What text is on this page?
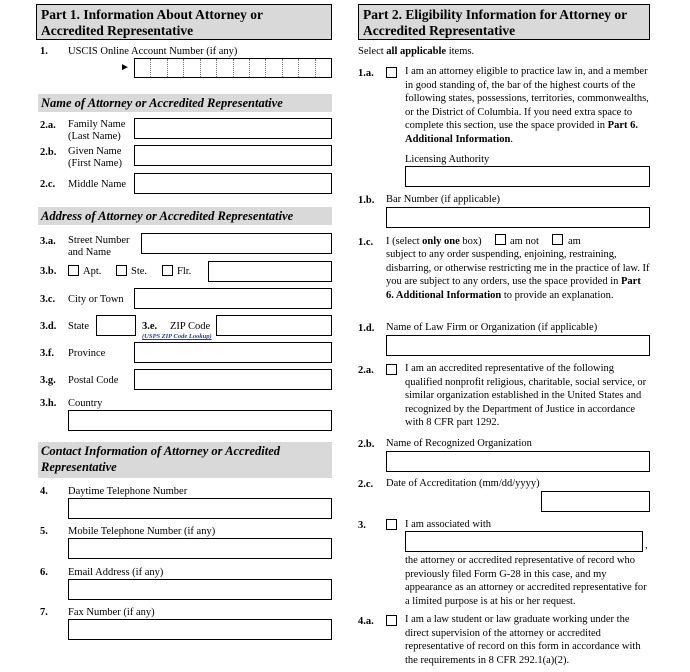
Part 1. Information About Attorney or Accredited Representative
1. USCIS Online Account Number (if any)
►
Name of Attorney or Accredited Representative
2.a. Family Name (Last Name)
2.b. Given Name (First Name)
2.c. Middle Name
Address of Attorney or Accredited Representative
3.a. Street Number and Name
3.b.	Apt.	Ste.	Flr.
3.c. City or Town
3.d. State	3.e. ZIP Code
(USPS ZIP Code Lookup)
3.f. Province
3.g. Postal Code
3.h. Country
Contact Information of Attorney or Accredited Representative
4. Daytime Telephone Number
5. Mobile Telephone Number (if any)
6. Email Address (if any)
7. Fax Number (if any)
Part 2. Eligibility Information for Attorney or Accredited Representative
Select all applicable items.
1.a.	I am an attorney eligible to practice law in, and a member in good standing of, the bar of the highest courts of the following states, possessions, territories, commonwealths, or the District of Columbia. If you need extra space to complete this section, use the space provided in Part 6. Additional Information.
Licensing Authority
1.b. Bar Number (if applicable)
1.c. I (select only one box)	am not	am
subject to any order suspending, enjoining, restraining, disbarring, or otherwise restricting me in the practice of law. If you are subject to any orders, use the space provided in Part 6. Additional Information to provide an explanation.
1.d. Name of Law Firm or Organization (if applicable)
2.a.	I am an accredited representative of the following qualified nonprofit religious, charitable, social service, or similar organization established in the United States and recognized by the Department of Justice in accordance with 8 CFR part 1292.
2.b. Name of Recognized Organization
2.c. Date of Accreditation (mm/dd/yyyy)
3.	I am associated with
,
the attorney or accredited representative of record who previously filed Form G-28 in this case, and my appearance as an attorney or accredited representative for a limited purpose is at his or her request.
4.a.	I am a law student or law graduate working under the direct supervision of the attorney or accredited representative of record on this form in accordance with the requirements in 8 CFR 292.1(a)(2).
